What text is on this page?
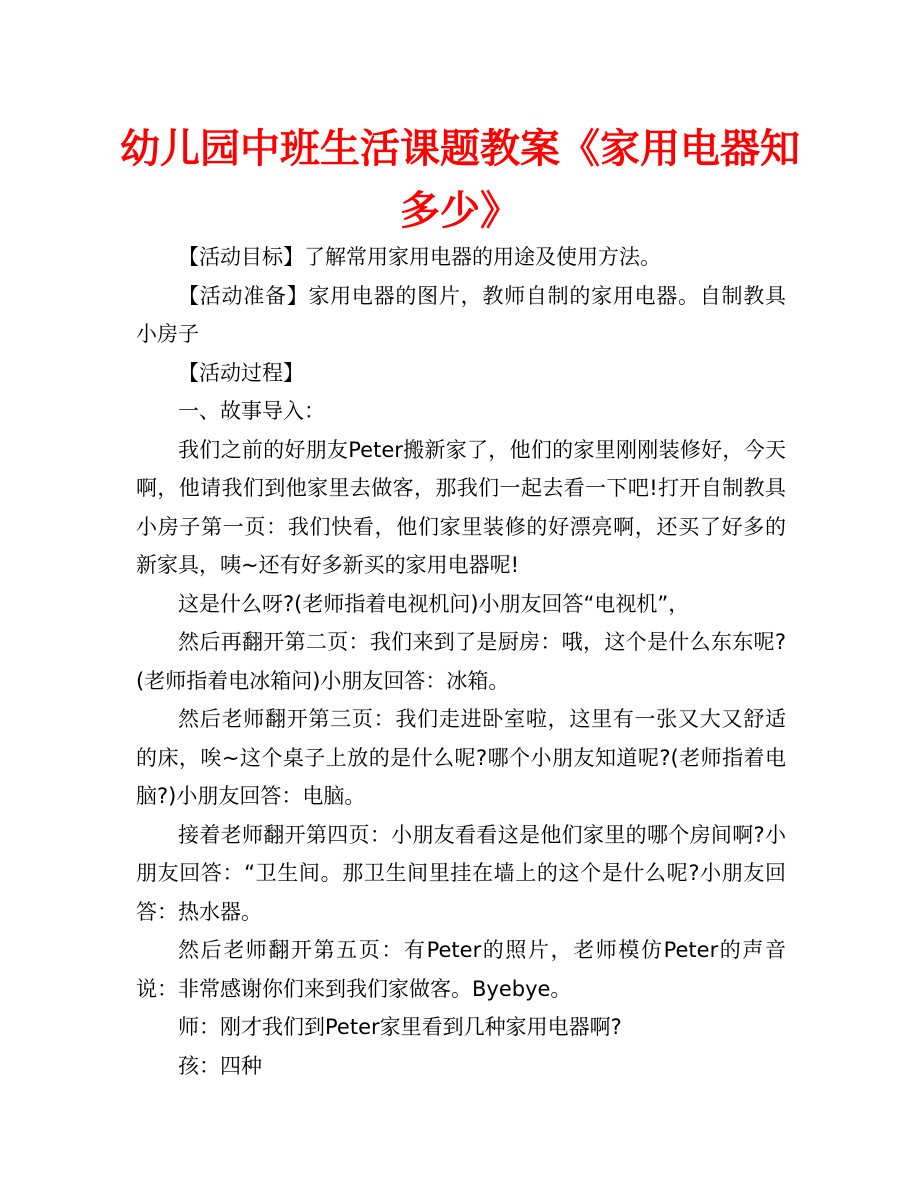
幼儿园中班生活课题教案《家用电器知多少》

【活动目标】了解常用家用电器的用途及使用方法。

【活动准备】家用电器的图片，教师自制的家用电器。自制教具小房子

【活动过程】

一、故事导入：

我们之前的好朋友Peter搬新家了，他们的家里刚刚装修好，今天啊，他请我们到他家里去做客，那我们一起去看一下吧!打开自制教具小房子第一页：我们快看，他们家里装修的好漂亮啊，还买了好多的新家具，咦~还有好多新买的家用电器呢!

这是什么呀?(老师指着电视机问)小朋友回答“电视机”，

然后再翻开第二页：我们来到了是厨房：哦，这个是什么东东呢?(老师指着电冰箱问)小朋友回答：冰箱。

然后老师翻开第三页：我们走进卧室啦，这里有一张又大又舒适的床，唉~这个桌子上放的是什么呢?哪个小朋友知道呢?(老师指着电脑?)小朋友回答：电脑。

接着老师翻开第四页：小朋友看看这是他们家里的哪个房间啊?小朋友回答：“卫生间。那卫生间里挂在墙上的这个是什么呢?小朋友回答：热水器。

然后老师翻开第五页：有Peter的照片，老师模仿Peter的声音说：非常感谢你们来到我们家做客。Byebye。

师：刚才我们到Peter家里看到几种家用电器啊?

孩：四种
